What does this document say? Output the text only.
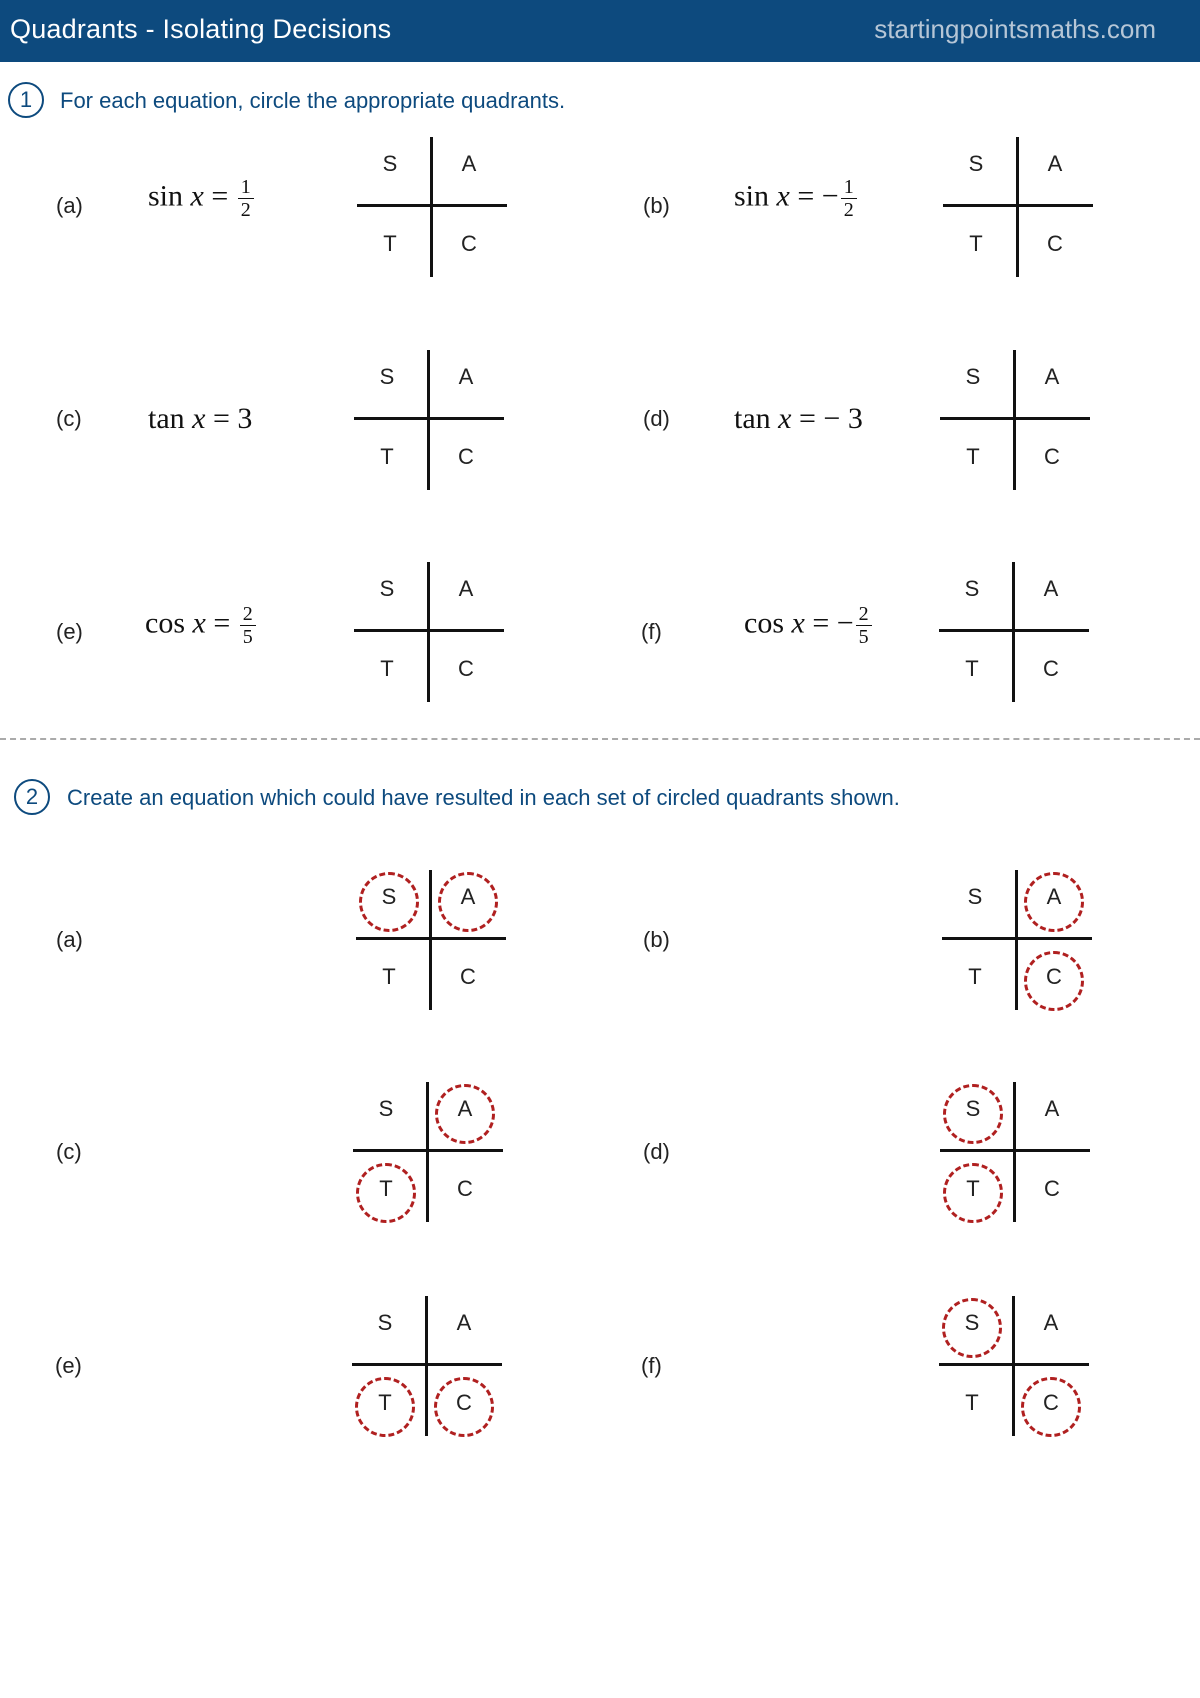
Quadrants - Isolating Decisions	startingpointsmaths.com
1	For each equation, circle the appropriate quadrants.
(a) $\sin x = \frac{1}{2}$
S	A
T	C
(b) sin x = − $\frac{1}{2}$
S	A
T	C
(c) tan x = 3
S	A
T	C
(d) tan x = − 3
S	A
T	C
(e) $\cos x = \frac{2}{5}$
S	A
T	C
(f)	cos x = − $\frac{2}{5}$
S	A
T	C
2	Create an equation which could have resulted in each set of circled quadrants shown.
(a)
S	A
T	C
(b)
S	A
T	C
(c)
S	A
T	C
(d)
S	A
T	C
(e)
S	A
T	C
(f)
S	A
T	C
